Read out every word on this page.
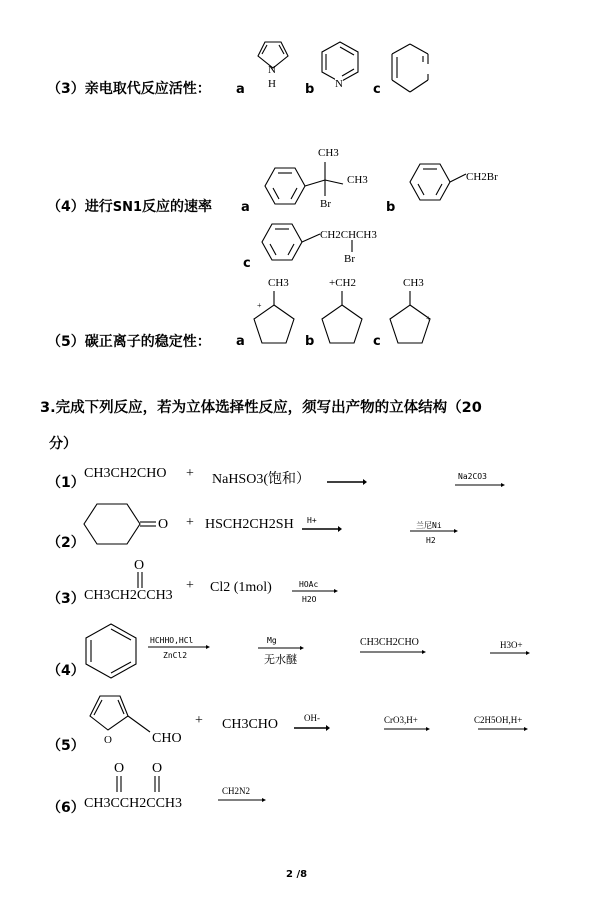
（3）亲电取代反应活性： a
N
H b N c
（4）进行SN1反应的速率 a
CH3
CH3
Br	b
CH2Br
c
CH2CHCH3
Br
（5）碳正离子的稳定性： a
CH3
+
b
+CH2
c
CH3
+
3.完成下列反应，若为立体选择性反应，须写出产物的立体结构（20
分）
（1）
CH3CH2CHO + NaHSO3(饱和）	Na2CO3
（2）
O + HSCH2CH2SH H+
兰尼Ni
H2
（3）
O
CH3CH2CCH3
+ Cl2 (1mol)	HOAc
H2O
（4）
HCHHO,HCl
ZnCl2
Mg
无水醚
CH3CH2CHO	H3O+
（5） O	CHO
+ CH3CHO	OH-	CrO3,H+	C2H5OH,H+
（6）
O O
CH3CCH2CCH3
CH2N2
2 /8
